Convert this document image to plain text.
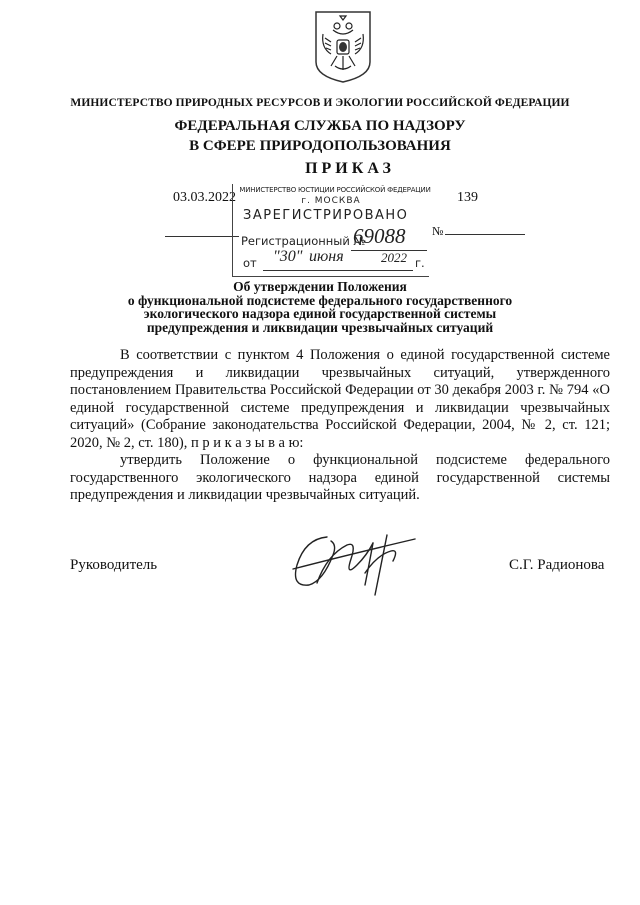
МИНИСТЕРСТВО ПРИРОДНЫХ РЕСУРСОВ И ЭКОЛОГИИ РОССИЙСКОЙ ФЕДЕРАЦИИ
ФЕДЕРАЛЬНАЯ СЛУЖБА ПО НАДЗОРУ
В СФЕРЕ ПРИРОДОПОЛЬЗОВАНИЯ
ПРИКАЗ
03.03.2022
№
139
МИНИСТЕРСТВО ЮСТИЦИИ РОССИЙСКОЙ ФЕДЕРАЦИИ
г. МОСКВА
ЗАРЕГИСТРИРОВАНО
Регистрационный №
69088
от "30" июня	2022 г.
Об утверждении Положения
о функциональной подсистеме федерального государственного
экологического надзора единой государственной системы
предупреждения и ликвидации чрезвычайных ситуаций

В соответствии с пунктом 4 Положения о единой государственной системе предупреждения и ликвидации чрезвычайных ситуаций, утвержденного постановлением Правительства Российской Федерации от 30 декабря 2003 г. № 794 «О единой государственной системе предупреждения и ликвидации чрезвычайных ситуаций» (Собрание законодательства Российской Федерации, 2004, № 2, ст. 121; 2020, № 2, ст. 180), п р и к а з ы в а ю:

утвердить Положение о функциональной подсистеме федерального государственного экологического надзора единой государственной системы предупреждения и ликвидации чрезвычайных ситуаций.

Руководитель	С.Г. Радионова
